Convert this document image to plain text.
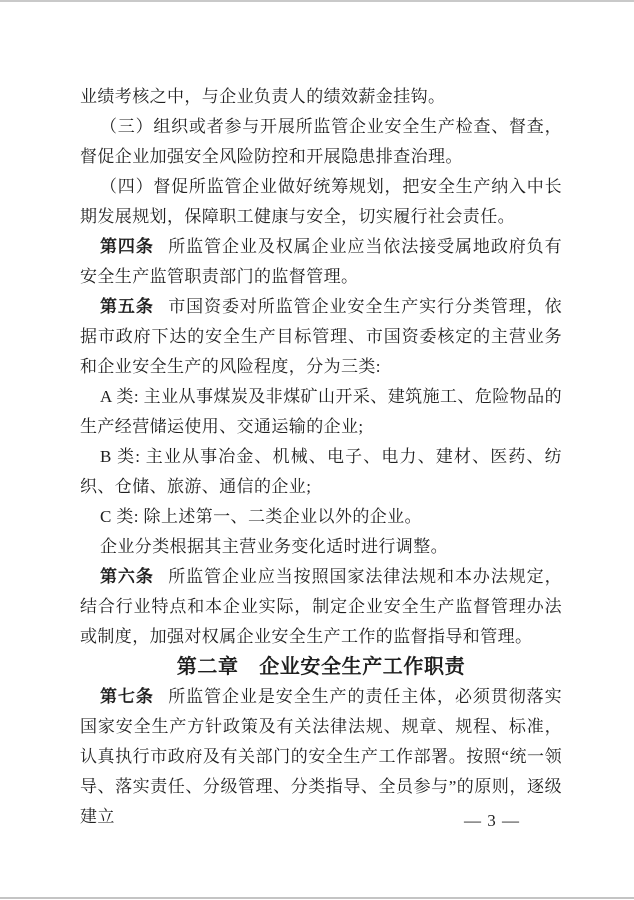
业绩考核之中，与企业负责人的绩效薪金挂钩。

（三）组织或者参与开展所监管企业安全生产检查、督查，督促企业加强安全风险防控和开展隐患排查治理。

（四）督促所监管企业做好统筹规划，把安全生产纳入中长期发展规划，保障职工健康与安全，切实履行社会责任。

第四条 所监管企业及权属企业应当依法接受属地政府负有安全生产监管职责部门的监督管理。

第五条 市国资委对所监管企业安全生产实行分类管理，依据市政府下达的安全生产目标管理、市国资委核定的主营业务和企业安全生产的风险程度，分为三类:

A 类: 主业从事煤炭及非煤矿山开采、建筑施工、危险物品的生产经营储运使用、交通运输的企业;

B 类: 主业从事冶金、机械、电子、电力、建材、医药、纺织、仓储、旅游、通信的企业;

C 类: 除上述第一、二类企业以外的企业。

企业分类根据其主营业务变化适时进行调整。

第六条 所监管企业应当按照国家法律法规和本办法规定，结合行业特点和本企业实际，制定企业安全生产监督管理办法或制度，加强对权属企业安全生产工作的监督指导和管理。

第二章　企业安全生产工作职责

第七条 所监管企业是安全生产的责任主体，必须贯彻落实国家安全生产方针政策及有关法律法规、规章、规程、标准，认真执行市政府及有关部门的安全生产工作部署。按照“统一领导、落实责任、分级管理、分类指导、全员参与”的原则，逐级建立	— 3 —
